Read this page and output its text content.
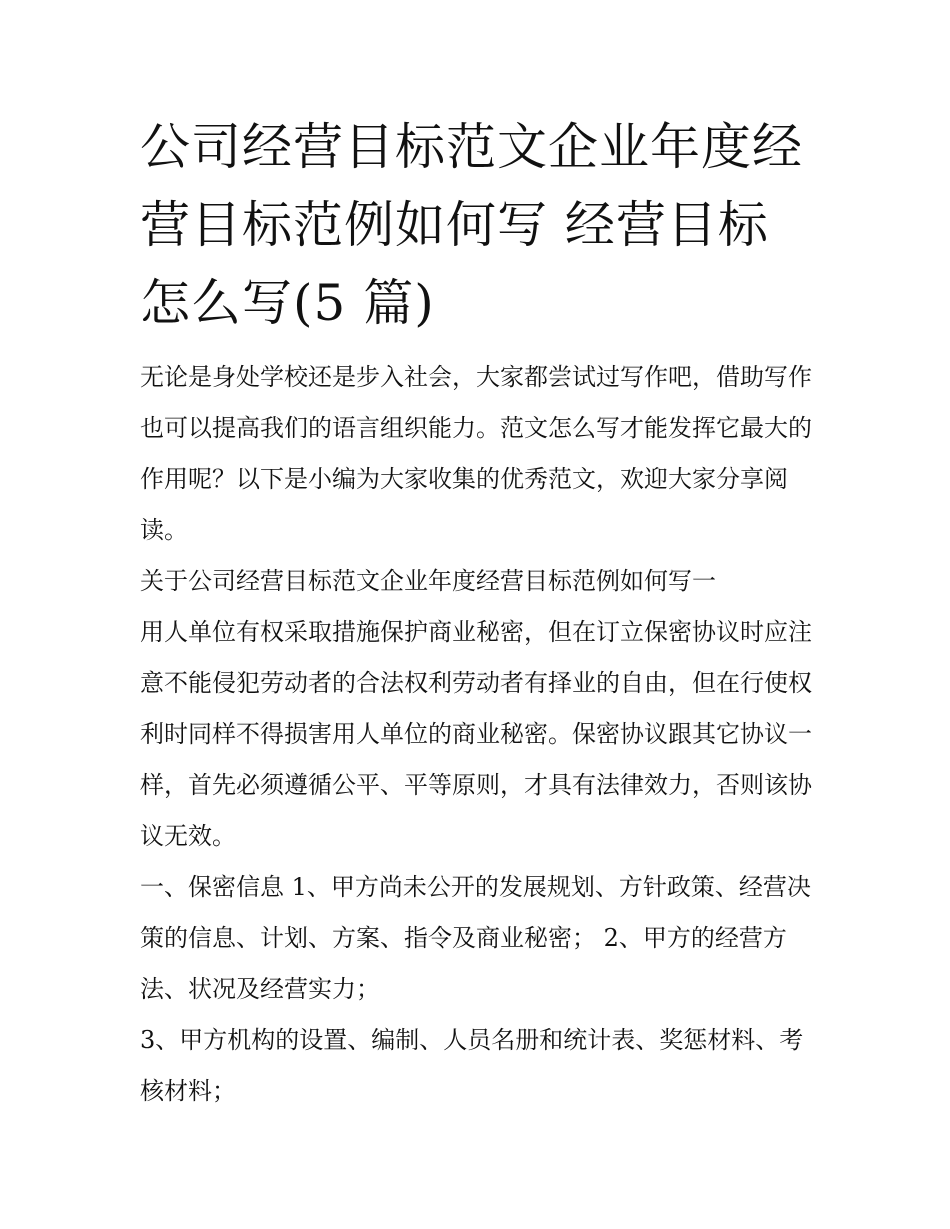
公司经营目标范文企业年度经营目标范例如何写 经营目标怎么写(5 篇)

无论是身处学校还是步入社会，大家都尝试过写作吧，借助写作也可以提高我们的语言组织能力。范文怎么写才能发挥它最大的作用呢？以下是小编为大家收集的优秀范文，欢迎大家分享阅读。

关于公司经营目标范文企业年度经营目标范例如何写一

用人单位有权采取措施保护商业秘密，但在订立保密协议时应注意不能侵犯劳动者的合法权利劳动者有择业的自由，但在行使权利时同样不得损害用人单位的商业秘密。保密协议跟其它协议一样，首先必须遵循公平、平等原则，才具有法律效力，否则该协议无效。

一、保密信息 1、甲方尚未公开的发展规划、方针政策、经营决策的信息、计划、方案、指令及商业秘密； 2、甲方的经营方法、状况及经营实力；

3、甲方机构的设置、编制、人员名册和统计表、奖惩材料、考核材料；
